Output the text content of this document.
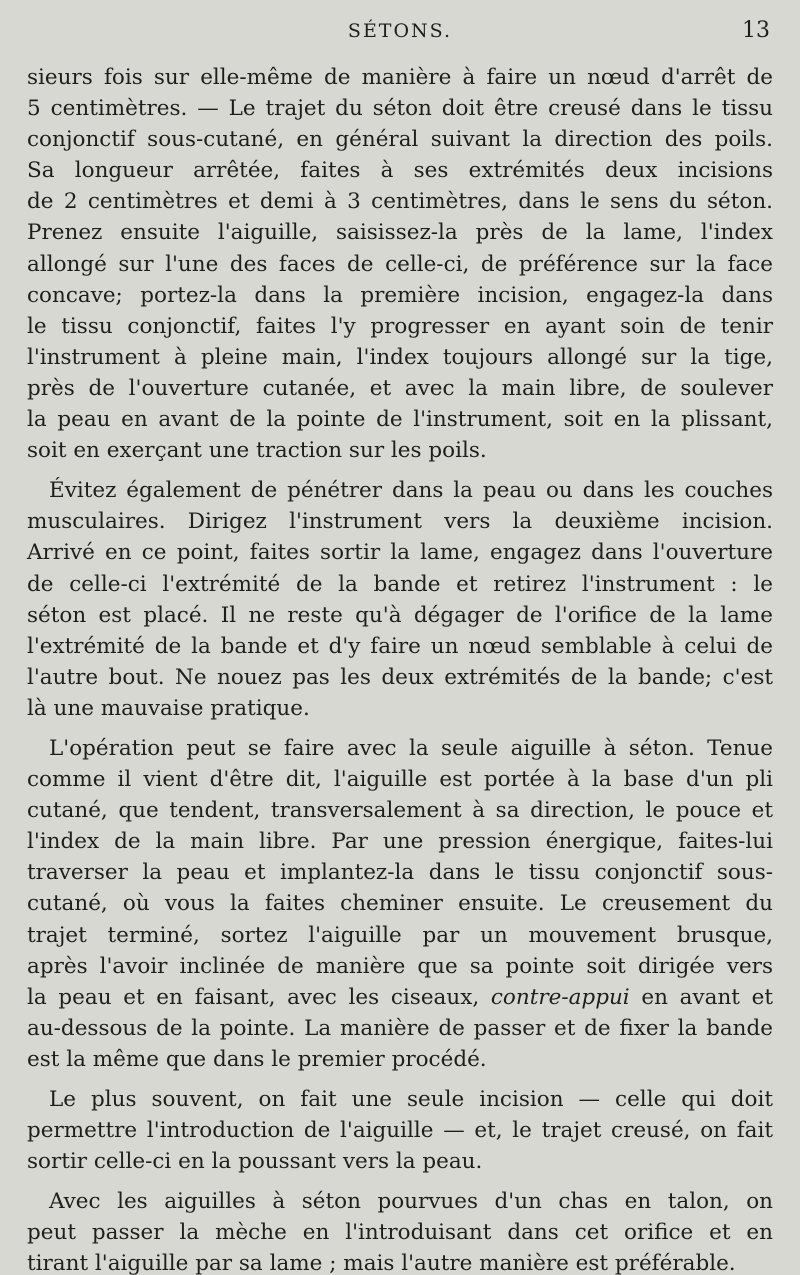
SÉTONS.	13
sieurs fois sur elle-même de manière à faire un nœud d'arrêt de
5 centimètres. — Le trajet du séton doit être creusé dans le tissu
conjonctif sous-cutané, en général suivant la direction des poils.
Sa longueur arrêtée, faites à ses extrémités deux incisions
de 2 centimètres et demi à 3 centimètres, dans le sens du séton.
Prenez ensuite l'aiguille, saisissez-la près de la lame, l'index
allongé sur l'une des faces de celle-ci, de préférence sur la face
concave; portez-la dans la première incision, engagez-la dans
le tissu conjonctif, faites l'y progresser en ayant soin de tenir
l'instrument à pleine main, l'index toujours allongé sur la tige,
près de l'ouverture cutanée, et avec la main libre, de soulever
la peau en avant de la pointe de l'instrument, soit en la plissant,
soit en exerçant une traction sur les poils.
Évitez également de pénétrer dans la peau ou dans les couches
musculaires. Dirigez l'instrument vers la deuxième incision.
Arrivé en ce point, faites sortir la lame, engagez dans l'ouverture
de celle-ci l'extrémité de la bande et retirez l'instrument : le
séton est placé. Il ne reste qu'à dégager de l'orifice de la lame
l'extrémité de la bande et d'y faire un nœud semblable à celui de
l'autre bout. Ne nouez pas les deux extrémités de la bande; c'est
là une mauvaise pratique.
L'opération peut se faire avec la seule aiguille à séton. Tenue
comme il vient d'être dit, l'aiguille est portée à la base d'un pli
cutané, que tendent, transversalement à sa direction, le pouce et
l'index de la main libre. Par une pression énergique, faites-lui
traverser la peau et implantez-la dans le tissu conjonctif sous-
cutané, où vous la faites cheminer ensuite. Le creusement du
trajet terminé, sortez l'aiguille par un mouvement brusque,
après l'avoir inclinée de manière que sa pointe soit dirigée vers
la peau et en faisant, avec les ciseaux, contre-appui en avant et
au-dessous de la pointe. La manière de passer et de fixer la bande
est la même que dans le premier procédé.
Le plus souvent, on fait une seule incision — celle qui doit
permettre l'introduction de l'aiguille — et, le trajet creusé, on fait
sortir celle-ci en la poussant vers la peau.
Avec les aiguilles à séton pourvues d'un chas en talon, on
peut passer la mèche en l'introduisant dans cet orifice et en
tirant l'aiguille par sa lame ; mais l'autre manière est préférable.
